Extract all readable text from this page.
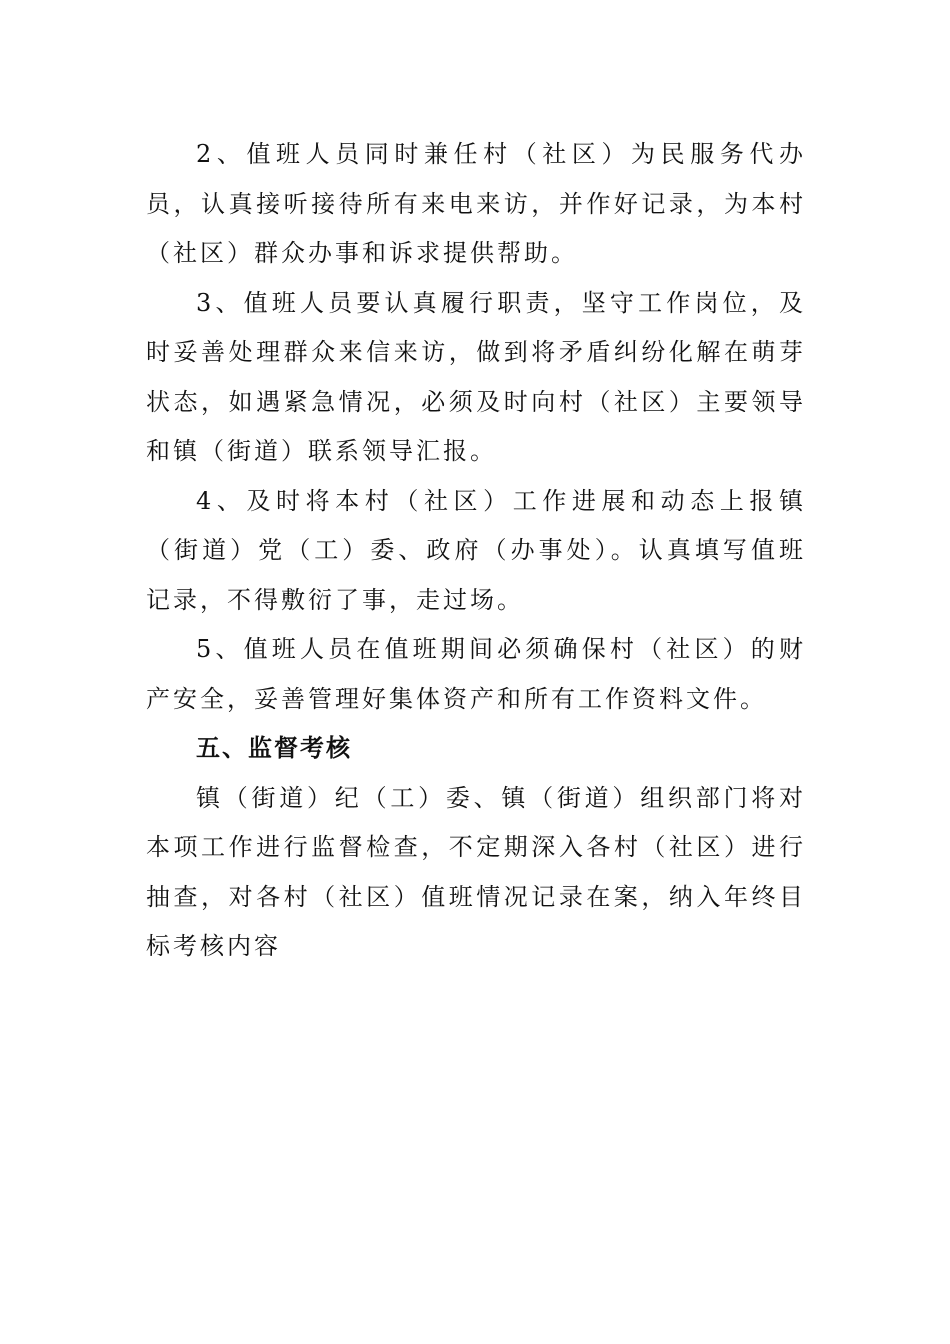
2、值班人员同时兼任村（社区）为民服务代办员，认真接听接待所有来电来访，并作好记录，为本村（社区）群众办事和诉求提供帮助。

3、值班人员要认真履行职责，坚守工作岗位，及时妥善处理群众来信来访，做到将矛盾纠纷化解在萌芽状态，如遇紧急情况，必须及时向村（社区）主要领导和镇（街道）联系领导汇报。

4、及时将本村（社区）工作进展和动态上报镇（街道）党（工）委、政府（办事处）。认真填写值班记录，不得敷衍了事，走过场。

5、值班人员在值班期间必须确保村（社区）的财产安全，妥善管理好集体资产和所有工作资料文件。

五、监督考核

镇（街道）纪（工）委、镇（街道）组织部门将对本项工作进行监督检查，不定期深入各村（社区）进行抽查，对各村（社区）值班情况记录在案，纳入年终目标考核内容
